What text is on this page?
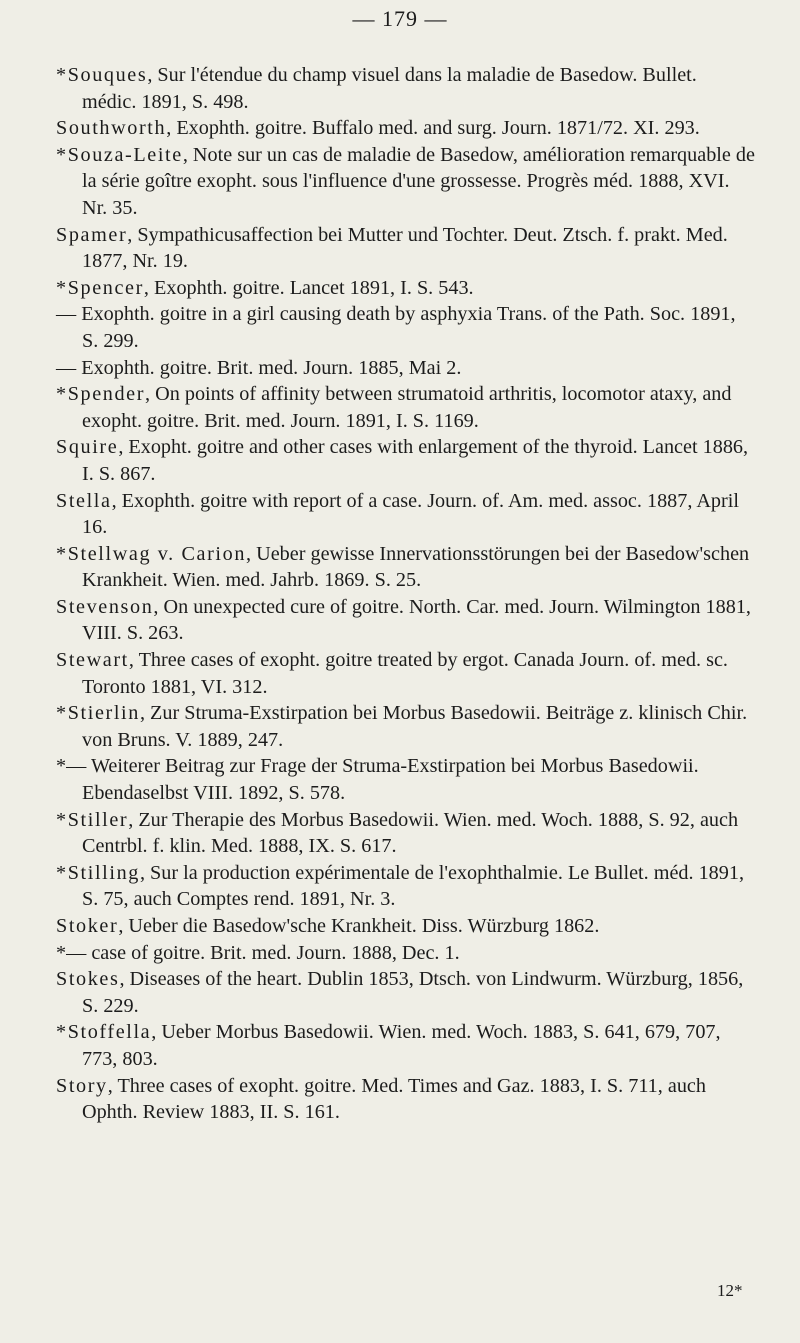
— 179 —

*Souques, Sur l'étendue du champ visuel dans la maladie de Basedow. Bullet. médic. 1891, S. 498.

Southworth, Exophth. goitre. Buffalo med. and surg. Journ. 1871/72. XI. 293.

*Souza-Leite, Note sur un cas de maladie de Basedow, amélioration remarquable de la série goître exopht. sous l'influence d'une grossesse. Progrès méd. 1888, XVI. Nr. 35.

Spamer, Sympathicusaffection bei Mutter und Tochter. Deut. Ztsch. f. prakt. Med. 1877, Nr. 19.

*Spencer, Exophth. goitre. Lancet 1891, I. S. 543.

— Exophth. goitre in a girl causing death by asphyxia Trans. of the Path. Soc. 1891, S. 299.

— Exophth. goitre. Brit. med. Journ. 1885, Mai 2.

*Spender, On points of affinity between strumatoid arthritis, locomotor ataxy, and exopht. goitre. Brit. med. Journ. 1891, I. S. 1169.

Squire, Exopht. goitre and other cases with enlargement of the thyroid. Lancet 1886, I. S. 867.

Stella, Exophth. goitre with report of a case. Journ. of. Am. med. assoc. 1887, April 16.

*Stellwag v. Carion, Ueber gewisse Innervationsstörungen bei der Basedow'schen Krankheit. Wien. med. Jahrb. 1869. S. 25.

Stevenson, On unexpected cure of goitre. North. Car. med. Journ. Wilmington 1881, VIII. S. 263.

Stewart, Three cases of exopht. goitre treated by ergot. Canada Journ. of. med. sc. Toronto 1881, VI. 312.

*Stierlin, Zur Struma-Exstirpation bei Morbus Basedowii. Beiträge z. klinisch Chir. von Bruns. V. 1889, 247.

*— Weiterer Beitrag zur Frage der Struma-Exstirpation bei Morbus Basedowii. Ebendaselbst VIII. 1892, S. 578.

*Stiller, Zur Therapie des Morbus Basedowii. Wien. med. Woch. 1888, S. 92, auch Centrbl. f. klin. Med. 1888, IX. S. 617.

*Stilling, Sur la production expérimentale de l'exophthalmie. Le Bullet. méd. 1891, S. 75, auch Comptes rend. 1891, Nr. 3.

Stoker, Ueber die Basedow'sche Krankheit. Diss. Würzburg 1862.

*— case of goitre. Brit. med. Journ. 1888, Dec. 1.

Stokes, Diseases of the heart. Dublin 1853, Dtsch. von Lindwurm. Würzburg, 1856, S. 229.

*Stoffella, Ueber Morbus Basedowii. Wien. med. Woch. 1883, S. 641, 679, 707, 773, 803.

Story, Three cases of exopht. goitre. Med. Times and Gaz. 1883, I. S. 711, auch Ophth. Review 1883, II. S. 161.

12*
